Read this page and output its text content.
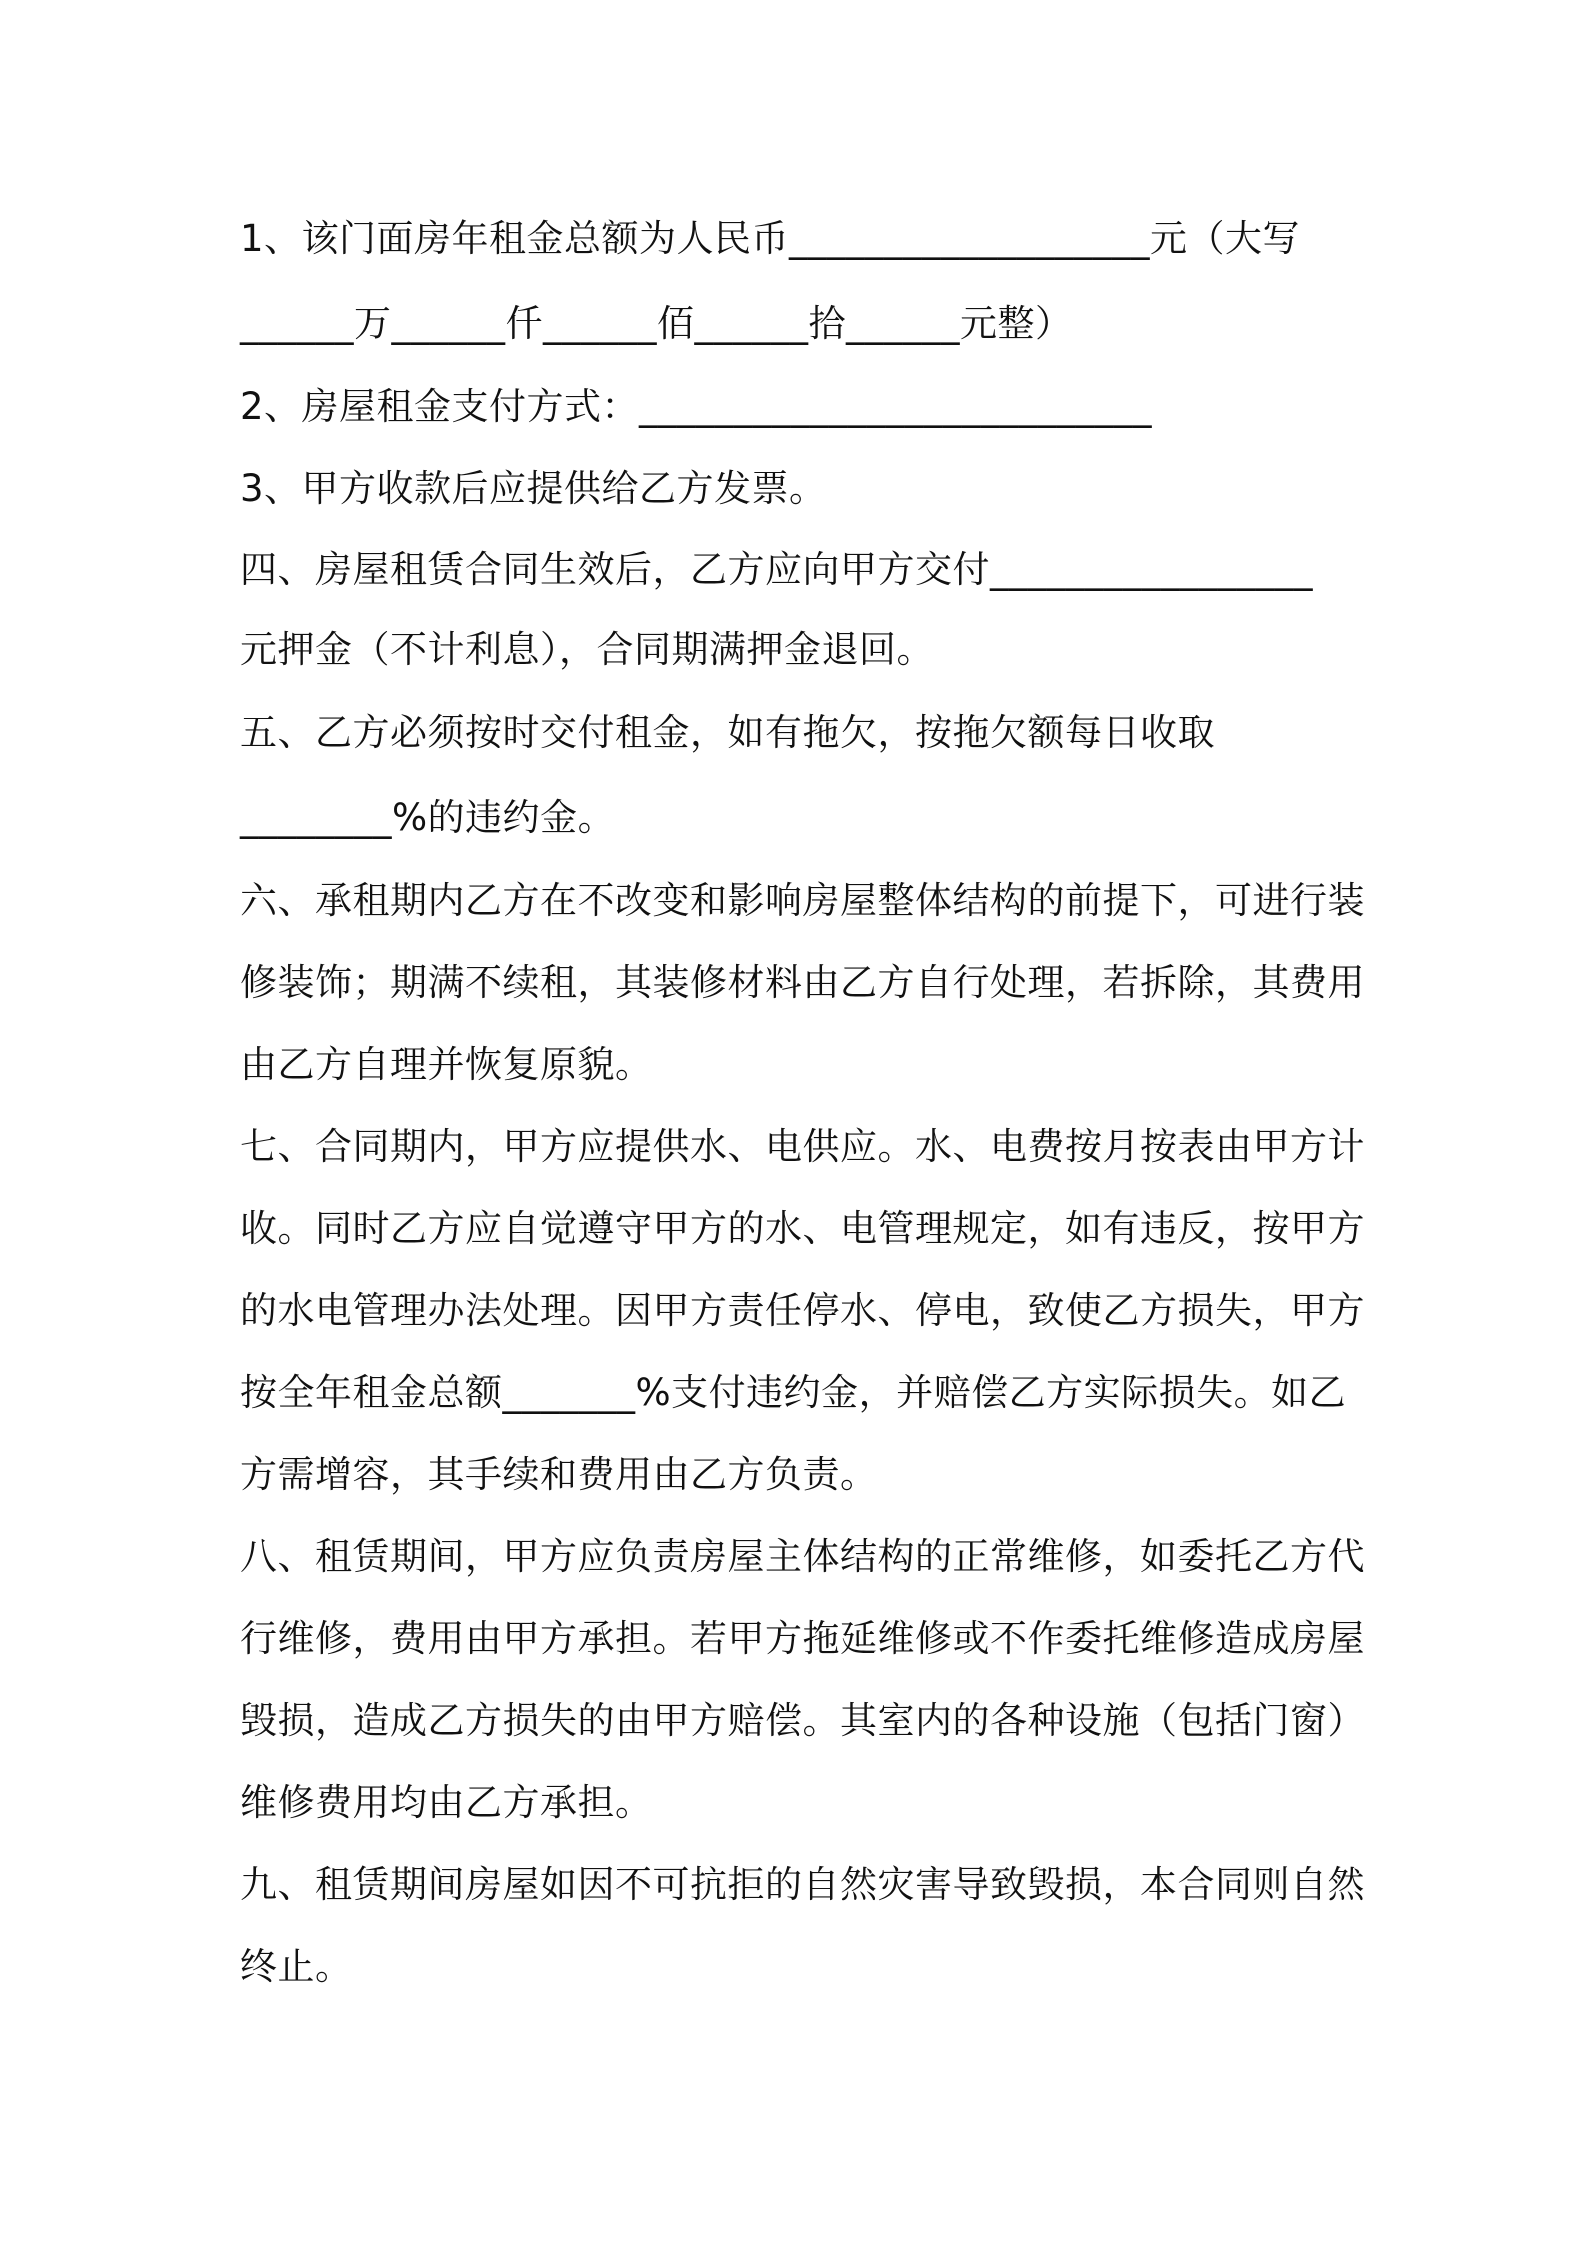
1、该门面房年租金总额为人民币___________________元（大写
______万______仟______佰______拾______元整）
2、房屋租金支付方式：___________________________
3、甲方收款后应提供给乙方发票。
四、房屋租赁合同生效后，乙方应向甲方交付_________________
元押金（不计利息），合同期满押金退回。
五、乙方必须按时交付租金，如有拖欠，按拖欠额每日收取
________%的违约金。
六、承租期内乙方在不改变和影响房屋整体结构的前提下，可进行装
修装饰；期满不续租，其装修材料由乙方自行处理，若拆除，其费用
由乙方自理并恢复原貌。
七、合同期内，甲方应提供水、电供应。水、电费按月按表由甲方计
收。同时乙方应自觉遵守甲方的水、电管理规定，如有违反，按甲方
的水电管理办法处理。因甲方责任停水、停电，致使乙方损失，甲方
按全年租金总额_______%支付违约金，并赔偿乙方实际损失。如乙
方需增容，其手续和费用由乙方负责。
八、租赁期间，甲方应负责房屋主体结构的正常维修，如委托乙方代
行维修，费用由甲方承担。若甲方拖延维修或不作委托维修造成房屋
毁损，造成乙方损失的由甲方赔偿。其室内的各种设施（包括门窗）
维修费用均由乙方承担。
九、租赁期间房屋如因不可抗拒的自然灾害导致毁损，本合同则自然
终止。
